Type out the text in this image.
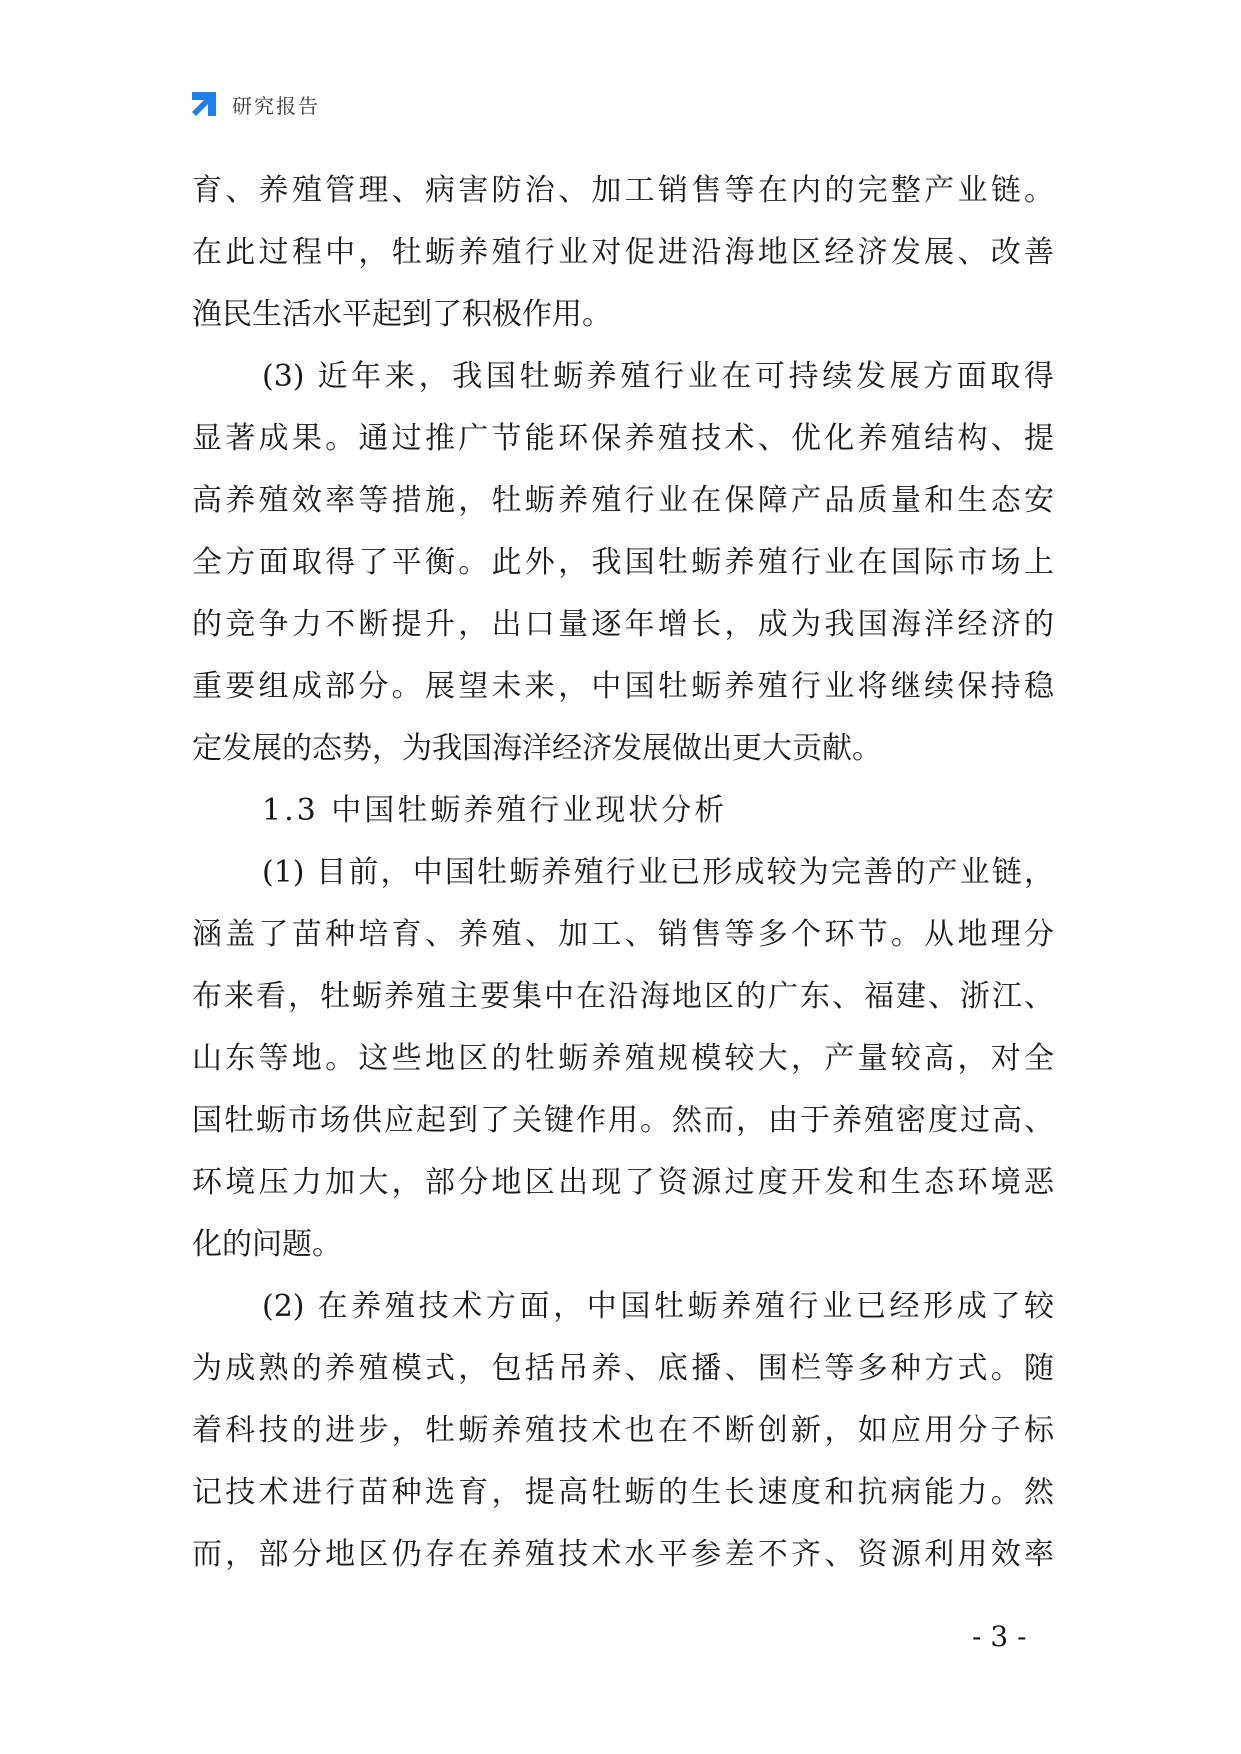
研究报告
育、养殖管理、病害防治、加工销售等在内的完整产业链。
在此过程中，牡蛎养殖行业对促进沿海地区经济发展、改善
渔民生活水平起到了积极作用。
(3) 近年来，我国牡蛎养殖行业在可持续发展方面取得
显著成果。通过推广节能环保养殖技术、优化养殖结构、提
高养殖效率等措施，牡蛎养殖行业在保障产品质量和生态安
全方面取得了平衡。此外，我国牡蛎养殖行业在国际市场上
的竞争力不断提升，出口量逐年增长，成为我国海洋经济的
重要组成部分。展望未来，中国牡蛎养殖行业将继续保持稳
定发展的态势，为我国海洋经济发展做出更大贡献。
1.3 中国牡蛎养殖行业现状分析
(1) 目前，中国牡蛎养殖行业已形成较为完善的产业链，
涵盖了苗种培育、养殖、加工、销售等多个环节。从地理分
布来看，牡蛎养殖主要集中在沿海地区的广东、福建、浙江、
山东等地。这些地区的牡蛎养殖规模较大，产量较高，对全
国牡蛎市场供应起到了关键作用。然而，由于养殖密度过高、
环境压力加大，部分地区出现了资源过度开发和生态环境恶
化的问题。
(2) 在养殖技术方面，中国牡蛎养殖行业已经形成了较
为成熟的养殖模式，包括吊养、底播、围栏等多种方式。随
着科技的进步，牡蛎养殖技术也在不断创新，如应用分子标
记技术进行苗种选育，提高牡蛎的生长速度和抗病能力。然
而，部分地区仍存在养殖技术水平参差不齐、资源利用效率
- 3 -
